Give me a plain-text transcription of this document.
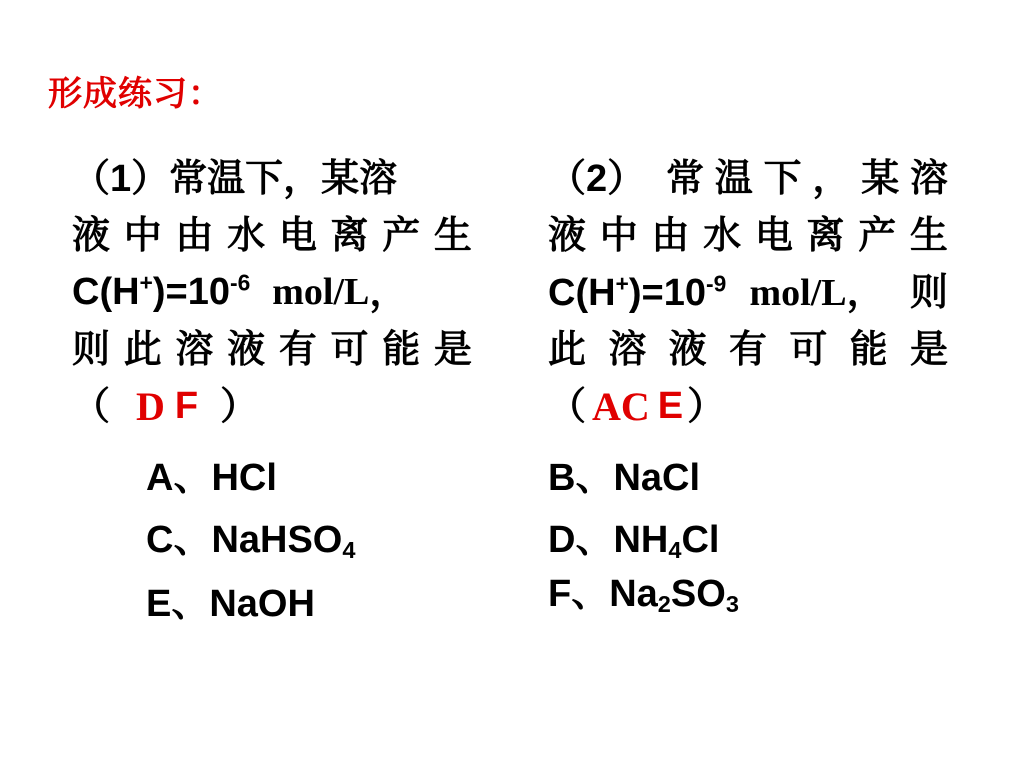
形成练习：
（1）常温下，某溶
液 中 由 水 电 离 产 生
$C(H^+)=10^{-6}$ mol/L ，
则 此 溶 液 有 可 能 是
（ D F ）
（2） 常 温 下 ， 某 溶
液 中 由 水 电 离 产 生
$C(H^+)=10^{-9}$ mol/L， 则
此 溶 液 有 可 能 是
（ AC E ）
A、HCl	B、NaCl
C、NaHSO$_4$	D、$NH_4Cl$
E、NaOH	F、$Na_2SO_3$
